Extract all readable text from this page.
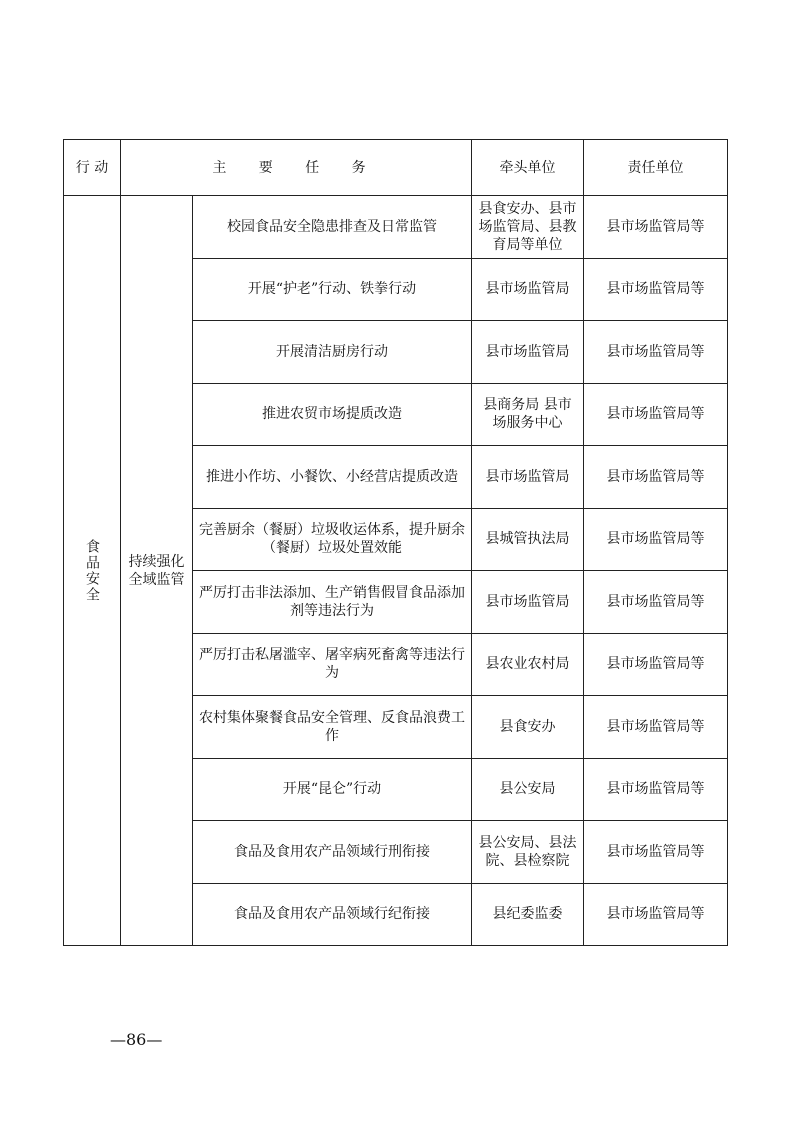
行 动	主 要 任 务		牵头单位	责任单位
食品安全	持续强化全域监管	校园食品安全隐患排查及日常监管	县食安办、县市场监管局、县教育局等单位	县市场监管局等
		开展“护老”行动、铁拳行动	县市场监管局	县市场监管局等
		开展清洁厨房行动	县市场监管局	县市场监管局等
		推进农贸市场提质改造	县商务局 县市场服务中心	县市场监管局等
		推进小作坊、小餐饮、小经营店提质改造	县市场监管局	县市场监管局等
		完善厨余（餐厨）垃圾收运体系，提升厨余（餐厨）垃圾处置效能	县城管执法局	县市场监管局等
		严厉打击非法添加、生产销售假冒食品添加剂等违法行为	县市场监管局	县市场监管局等
		严厉打击私屠滥宰、屠宰病死畜禽等违法行为	县农业农村局	县市场监管局等
		农村集体聚餐食品安全管理、反食品浪费工作	县食安办	县市场监管局等
		开展“昆仑”行动	县公安局	县市场监管局等
		食品及食用农产品领域行刑衔接	县公安局、县法院、县检察院	县市场监管局等
		食品及食用农产品领域行纪衔接	县纪委监委	县市场监管局等
—86—
